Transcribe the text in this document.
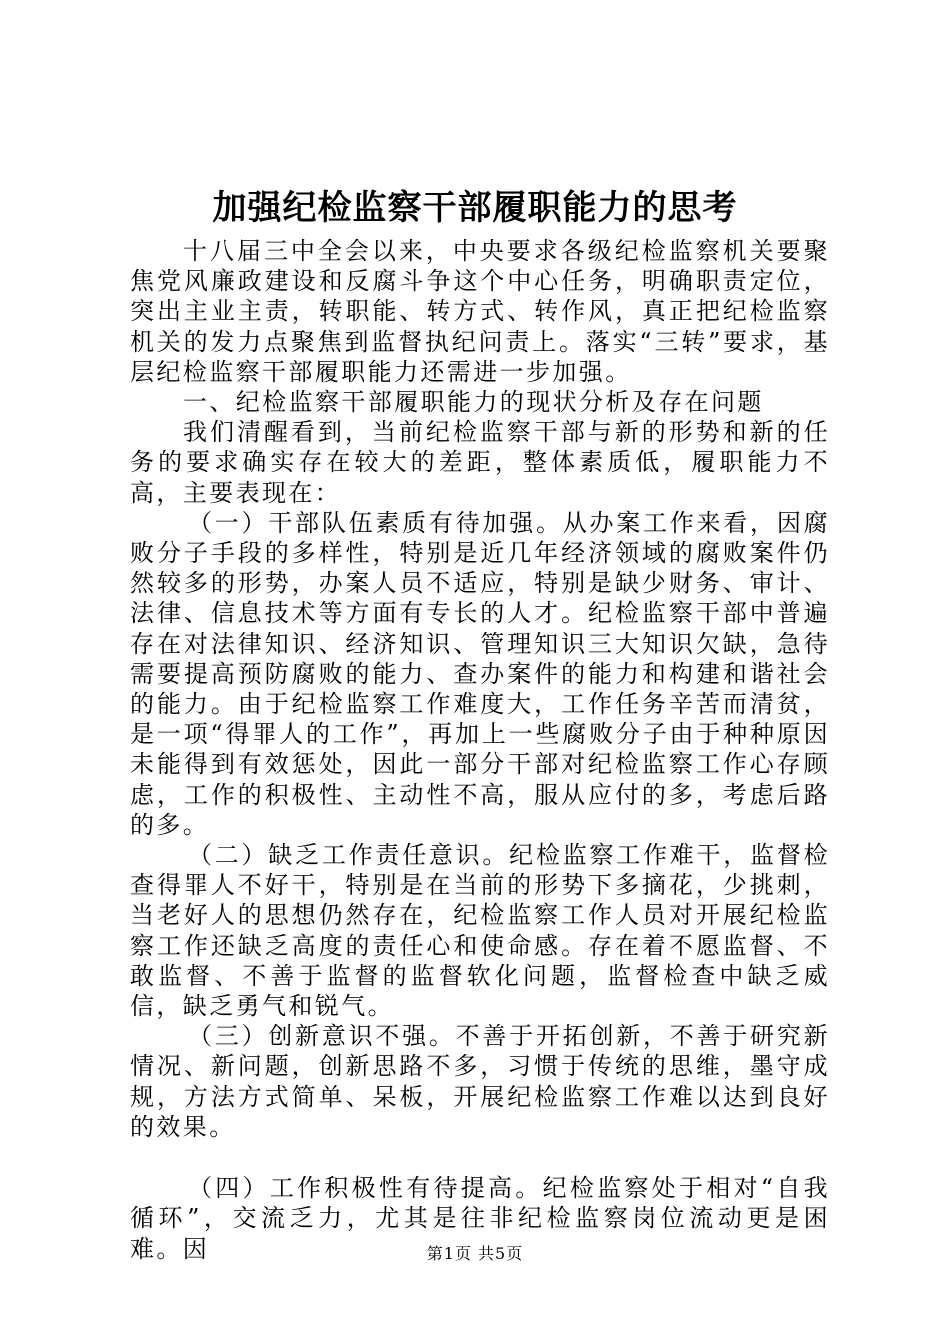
加强纪检监察干部履职能力的思考

十八届三中全会以来，中央要求各级纪检监察机关要聚焦党风廉政建设和反腐斗争这个中心任务，明确职责定位，突出主业主责，转职能、转方式、转作风，真正把纪检监察机关的发力点聚焦到监督执纪问责上。落实“三转”要求，基层纪检监察干部履职能力还需进一步加强。

一、纪检监察干部履职能力的现状分析及存在问题

我们清醒看到，当前纪检监察干部与新的形势和新的任务的要求确实存在较大的差距，整体素质低，履职能力不高，主要表现在：

（一）干部队伍素质有待加强。从办案工作来看，因腐败分子手段的多样性，特别是近几年经济领域的腐败案件仍然较多的形势，办案人员不适应，特别是缺少财务、审计、法律、信息技术等方面有专长的人才。纪检监察干部中普遍存在对法律知识、经济知识、管理知识三大知识欠缺，急待需要提高预防腐败的能力、查办案件的能力和构建和谐社会的能力。由于纪检监察工作难度大，工作任务辛苦而清贫，是一项“得罪人的工作”，再加上一些腐败分子由于种种原因未能得到有效惩处，因此一部分干部对纪检监察工作心存顾虑，工作的积极性、主动性不高，服从应付的多，考虑后路的多。

（二）缺乏工作责任意识。纪检监察工作难干，监督检查得罪人不好干，特别是在当前的形势下多摘花，少挑刺，当老好人的思想仍然存在，纪检监察工作人员对开展纪检监察工作还缺乏高度的责任心和使命感。存在着不愿监督、不敢监督、不善于监督的监督软化问题，监督检查中缺乏威信，缺乏勇气和锐气。

（三）创新意识不强。不善于开拓创新，不善于研究新情况、新问题，创新思路不多，习惯于传统的思维，墨守成规，方法方式简单、呆板，开展纪检监察工作难以达到良好的效果。

（四）工作积极性有待提高。纪检监察处于相对“自我循环”，交流乏力，尤其是往非纪检监察岗位流动更是困难。因	第1页 共5页
